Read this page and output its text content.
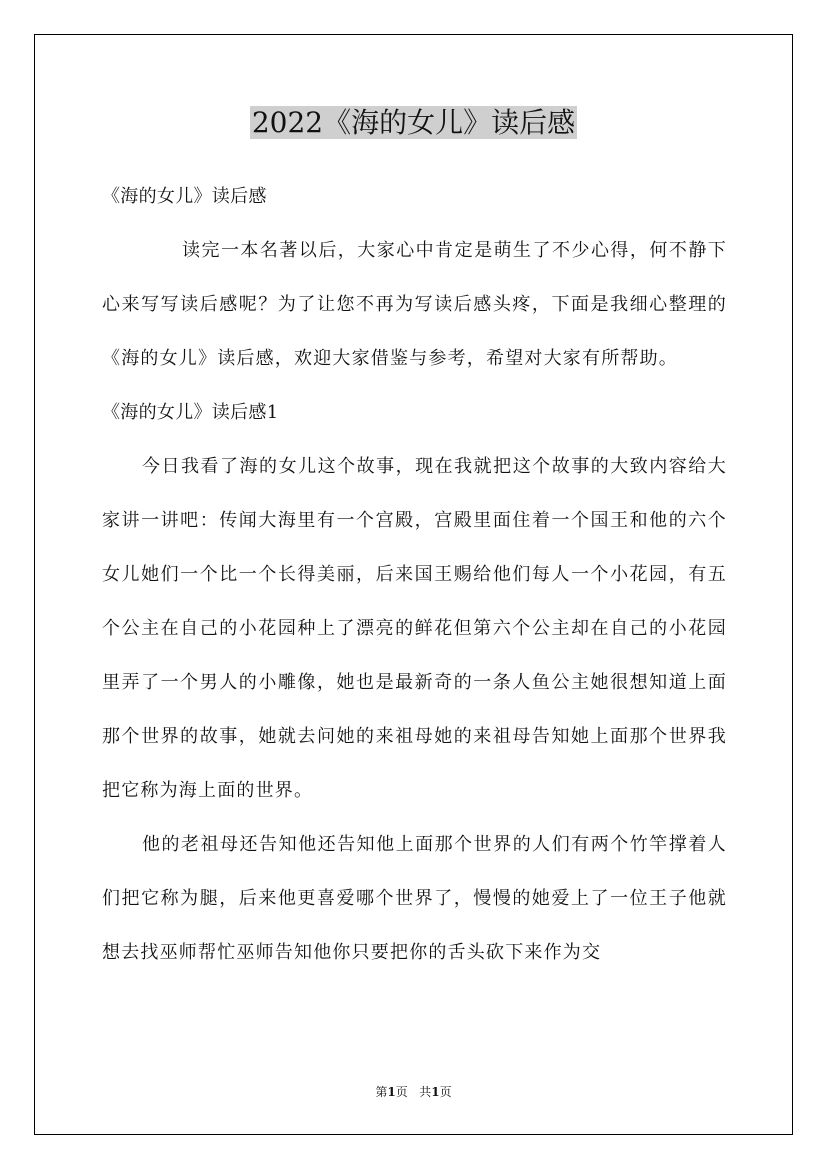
2022《海的女儿》读后感

《海的女儿》读后感

读完一本名著以后，大家心中肯定是萌生了不少心得，何不静下心来写写读后感呢？为了让您不再为写读后感头疼，下面是我细心整理的《海的女儿》读后感，欢迎大家借鉴与参考，希望对大家有所帮助。

《海的女儿》读后感1

今日我看了海的女儿这个故事，现在我就把这个故事的大致内容给大家讲一讲吧：传闻大海里有一个宫殿，宫殿里面住着一个国王和他的六个女儿她们一个比一个长得美丽，后来国王赐给他们每人一个小花园，有五个公主在自己的小花园种上了漂亮的鲜花但第六个公主却在自己的小花园里弄了一个男人的小雕像，她也是最新奇的一条人鱼公主她很想知道上面那个世界的故事，她就去问她的来祖母她的来祖母告知她上面那个世界我把它称为海上面的世界。

他的老祖母还告知他还告知他上面那个世界的人们有两个竹竿撑着人们把它称为腿，后来他更喜爱哪个世界了，慢慢的她爱上了一位王子他就想去找巫师帮忙巫师告知他你只要把你的舌头砍下来作为交

第1页 共1页
